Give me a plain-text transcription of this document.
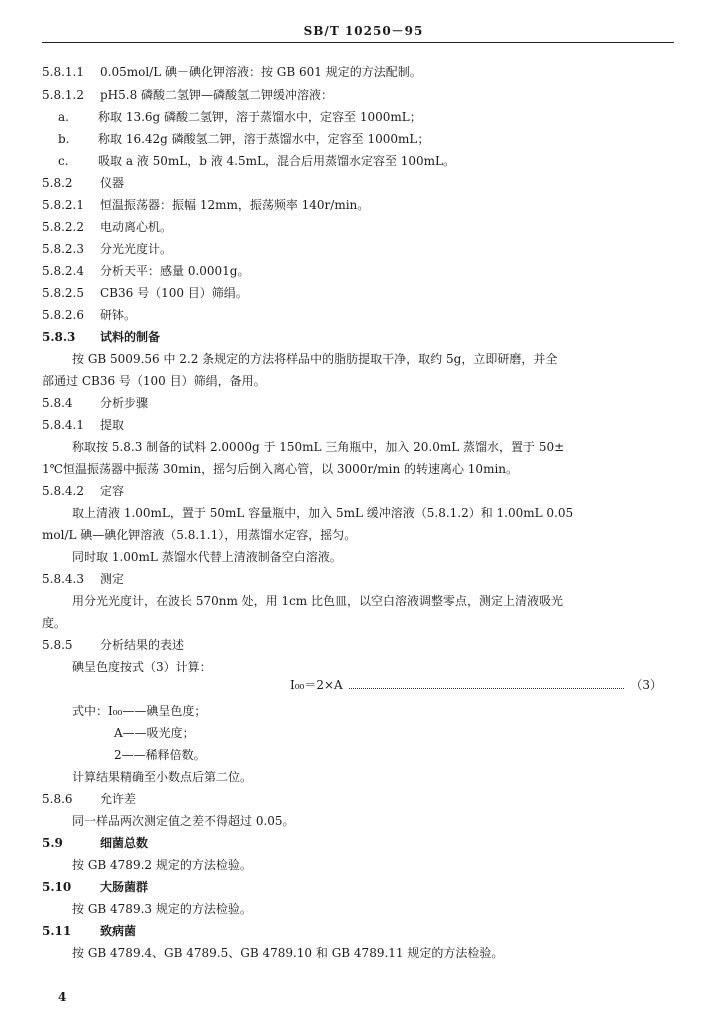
SB/T 10250－95
5.8.1.1 0.05mol/L 碘－碘化钾溶液：按 GB 601 规定的方法配制。
5.8.1.2 pH5.8 磷酸二氢钾—磷酸氢二钾缓冲溶液：
a. 称取 13.6g 磷酸二氢钾，溶于蒸馏水中，定容至 1000mL；
b. 称取 16.42g 磷酸氢二钾，溶于蒸馏水中，定容至 1000mL；
c. 吸取 a 液 50mL，b 液 4.5mL，混合后用蒸馏水定容至 100mL。
5.8.2 仪器
5.8.2.1 恒温振荡器：振幅 12mm，振荡频率 140r/min。
5.8.2.2 电动离心机。
5.8.2.3 分光光度计。
5.8.2.4 分析天平：感量 0.0001g。
5.8.2.5 CB36 号（100 目）筛绢。
5.8.2.6 研钵。
5.8.3 试料的制备
按 GB 5009.56 中 2.2 条规定的方法将样品中的脂肪提取干净，取约 5g，立即研磨，并全
部通过 CB36 号（100 目）筛绢，备用。
5.8.4 分析步骤
5.8.4.1 提取
称取按 5.8.3 制备的试料 2.0000g 于 150mL 三角瓶中，加入 20.0mL 蒸馏水，置于 50±
1℃恒温振荡器中振荡 30min，摇匀后倒入离心管，以 3000r/min 的转速离心 10min。
5.8.4.2 定容
取上清液 1.00mL，置于 50mL 容量瓶中，加入 5mL 缓冲溶液（5.8.1.2）和 1.00mL 0.05
mol/L 碘—碘化钾溶液（5.8.1.1），用蒸馏水定容，摇匀。
同时取 1.00mL 蒸馏水代替上清液制备空白溶液。
5.8.4.3 测定
用分光光度计，在波长 570nm 处，用 1cm 比色皿，以空白溶液调整零点，测定上清液吸光
度。
5.8.5 分析结果的表述
碘呈色度按式（3）计算：
I₀₀＝2×A	（3）
式中：I₀₀——碘呈色度；
A——吸光度；
2——稀释倍数。
计算结果精确至小数点后第二位。
5.8.6 允许差
同一样品两次测定值之差不得超过 0.05。
5.9	细菌总数
按 GB 4789.2 规定的方法检验。
5.10 大肠菌群
按 GB 4789.3 规定的方法检验。
5.11 致病菌
按 GB 4789.4、GB 4789.5、GB 4789.10 和 GB 4789.11 规定的方法检验。
4
